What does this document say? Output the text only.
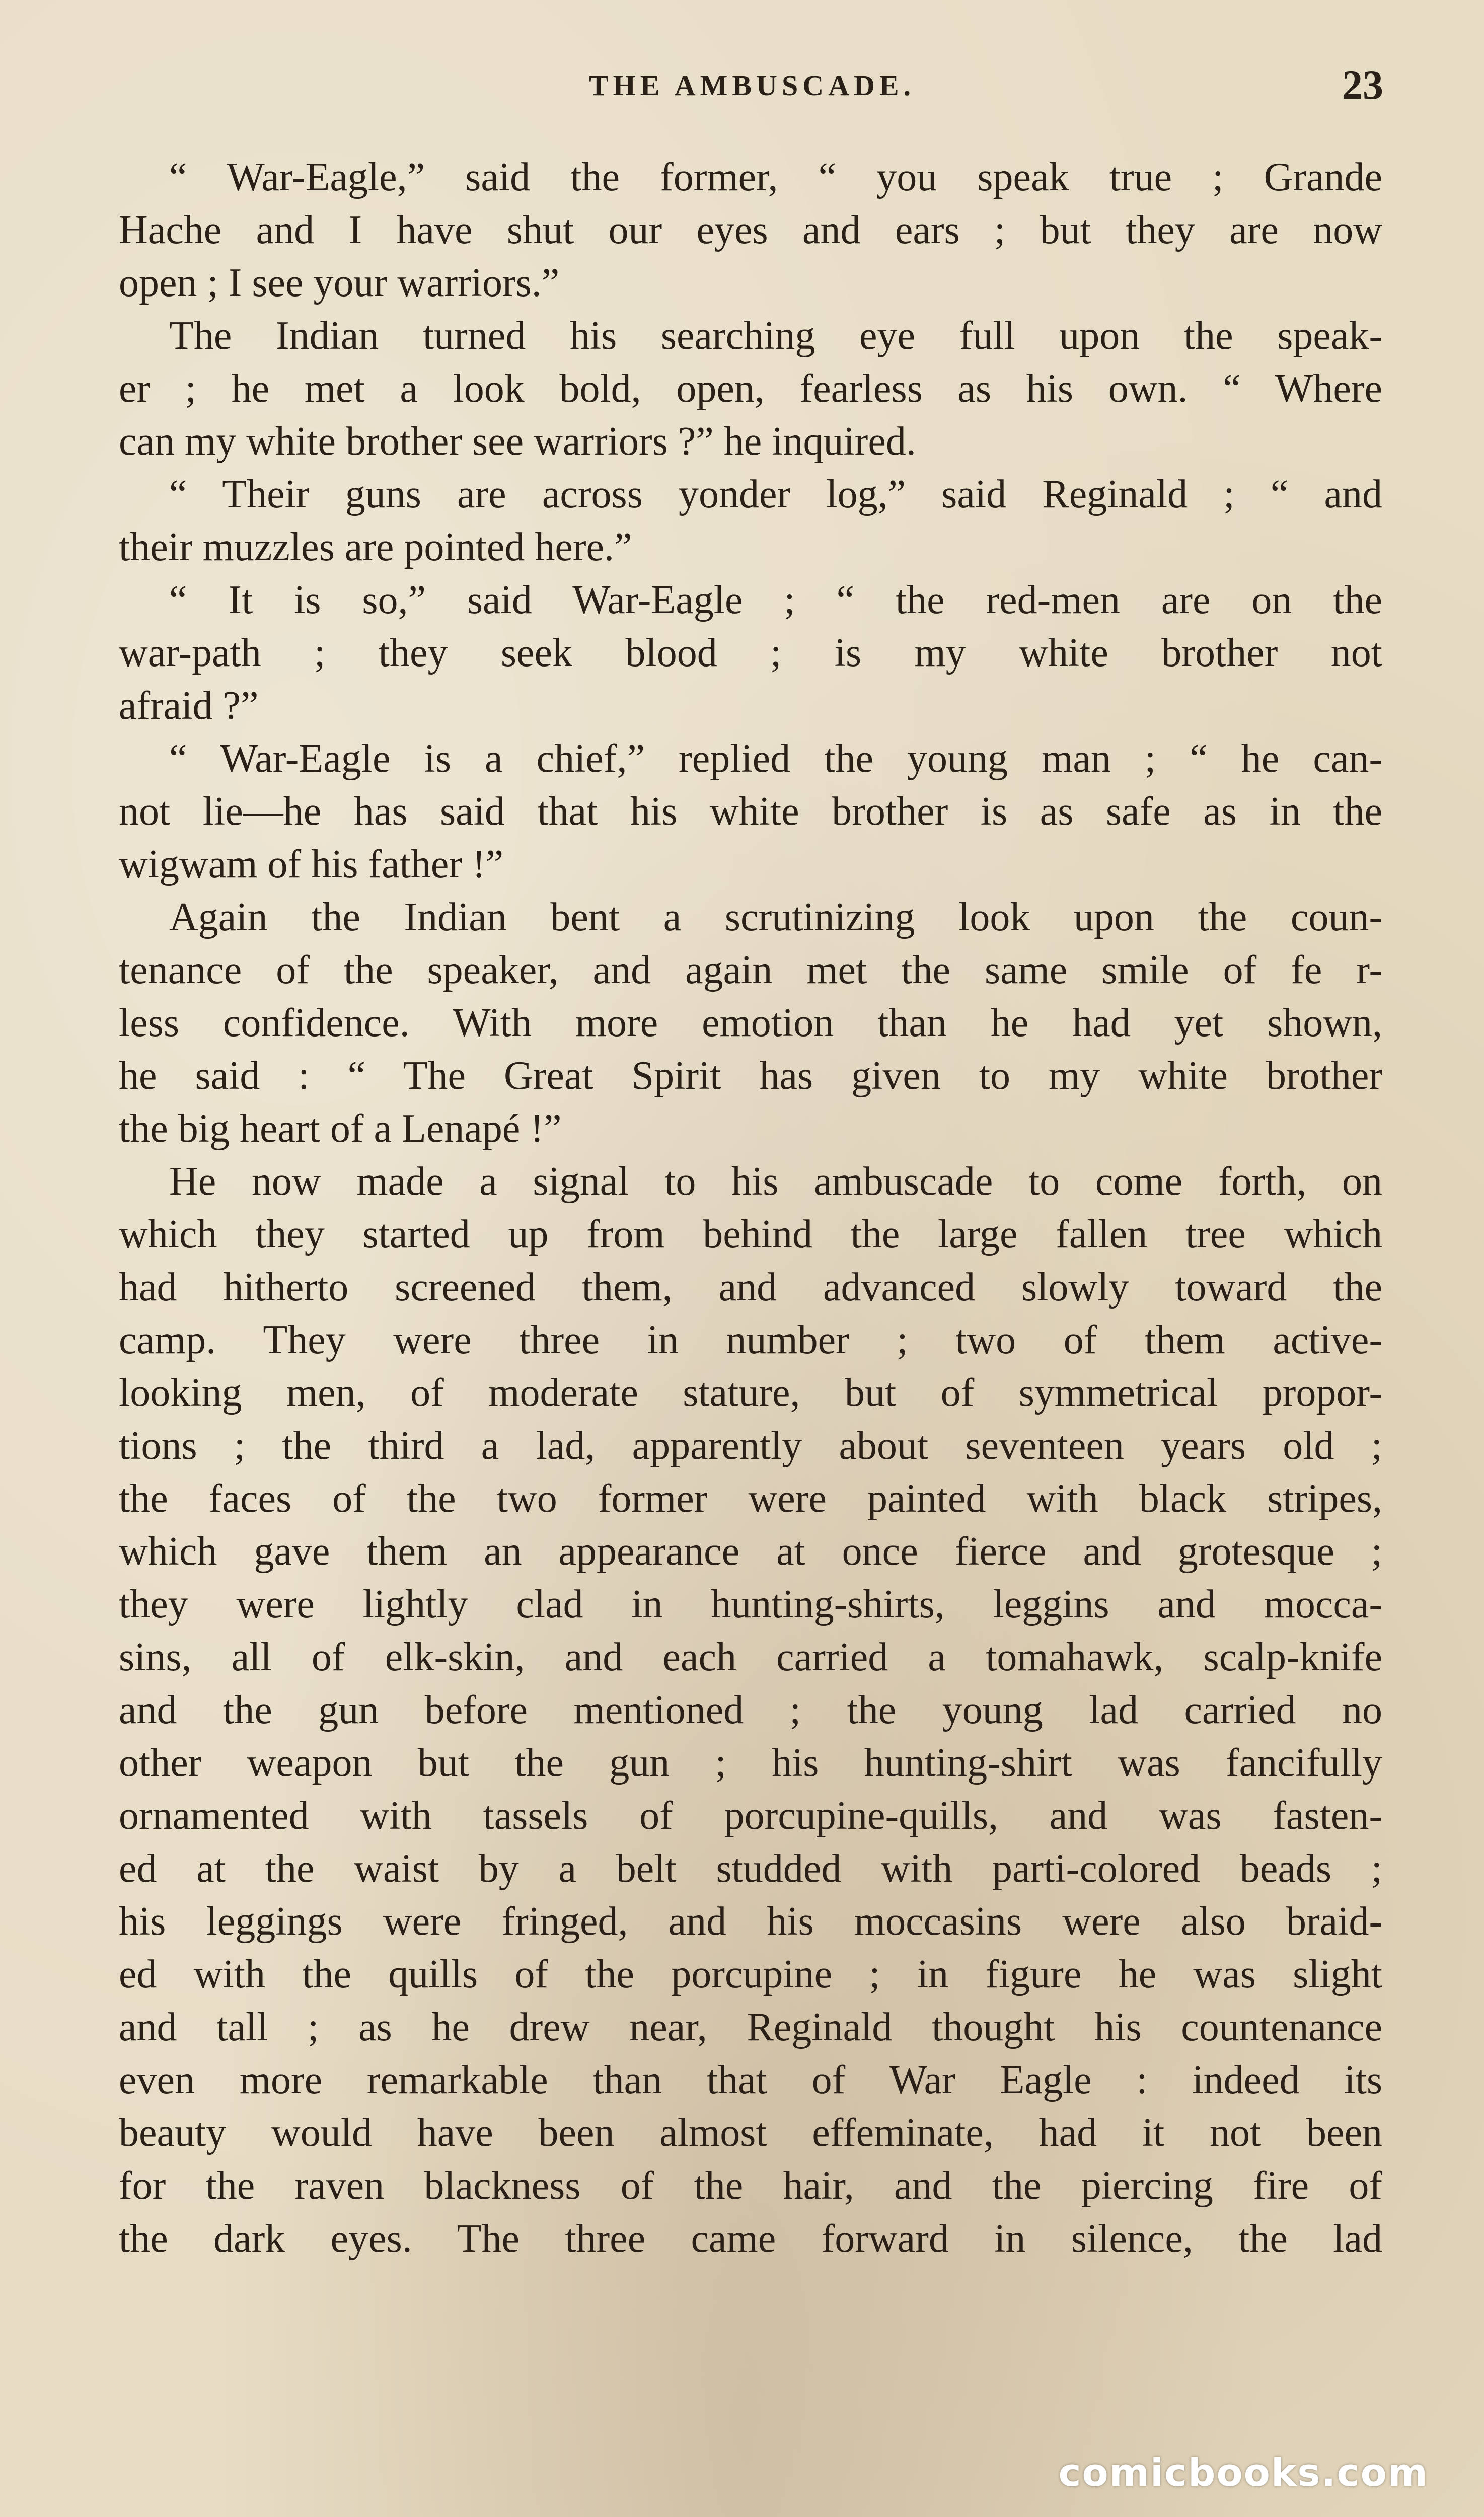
THE AMBUSCADE.	23
“ War-Eagle,” said the former, “ you speak true ; Grande
Hache and I have shut our eyes and ears ; but they are now
open ; I see your warriors.”
The Indian turned his searching eye full upon the speak-
er ; he met a look bold, open, fearless as his own. “ Where
can my white brother see warriors ?” he inquired.
“ Their guns are across yonder log,” said Reginald ; “ and
their muzzles are pointed here.”
“ It is so,” said War-Eagle ; “ the red-men are on the
war-path ; they seek blood ; is my white brother not
afraid ?”
“ War-Eagle is a chief,” replied the young man ; “ he can-
not lie—he has said that his white brother is as safe as in the
wigwam of his father !”
Again the Indian bent a scrutinizing look upon the coun-
tenance of the speaker, and again met the same smile of fe r-
less confidence. With more emotion than he had yet shown,
he said : “ The Great Spirit has given to my white brother
the big heart of a Lenapé !”
He now made a signal to his ambuscade to come forth, on
which they started up from behind the large fallen tree which
had hitherto screened them, and advanced slowly toward the
camp. They were three in number ; two of them active-
looking men, of moderate stature, but of symmetrical propor-
tions ; the third a lad, apparently about seventeen years old ;
the faces of the two former were painted with black stripes,
which gave them an appearance at once fierce and grotesque ;
they were lightly clad in hunting-shirts, leggins and mocca-
sins, all of elk-skin, and each carried a tomahawk, scalp-knife
and the gun before mentioned ; the young lad carried no
other weapon but the gun ; his hunting-shirt was fancifully
ornamented with tassels of porcupine-quills, and was fasten-
ed at the waist by a belt studded with parti-colored beads ;
his leggings were fringed, and his moccasins were also braid-
ed with the quills of the porcupine ; in figure he was slight
and tall ; as he drew near, Reginald thought his countenance
even more remarkable than that of War Eagle : indeed its
beauty would have been almost effeminate, had it not been
for the raven blackness of the hair, and the piercing fire of
the dark eyes. The three came forward in silence, the lad
comicbooks.com
